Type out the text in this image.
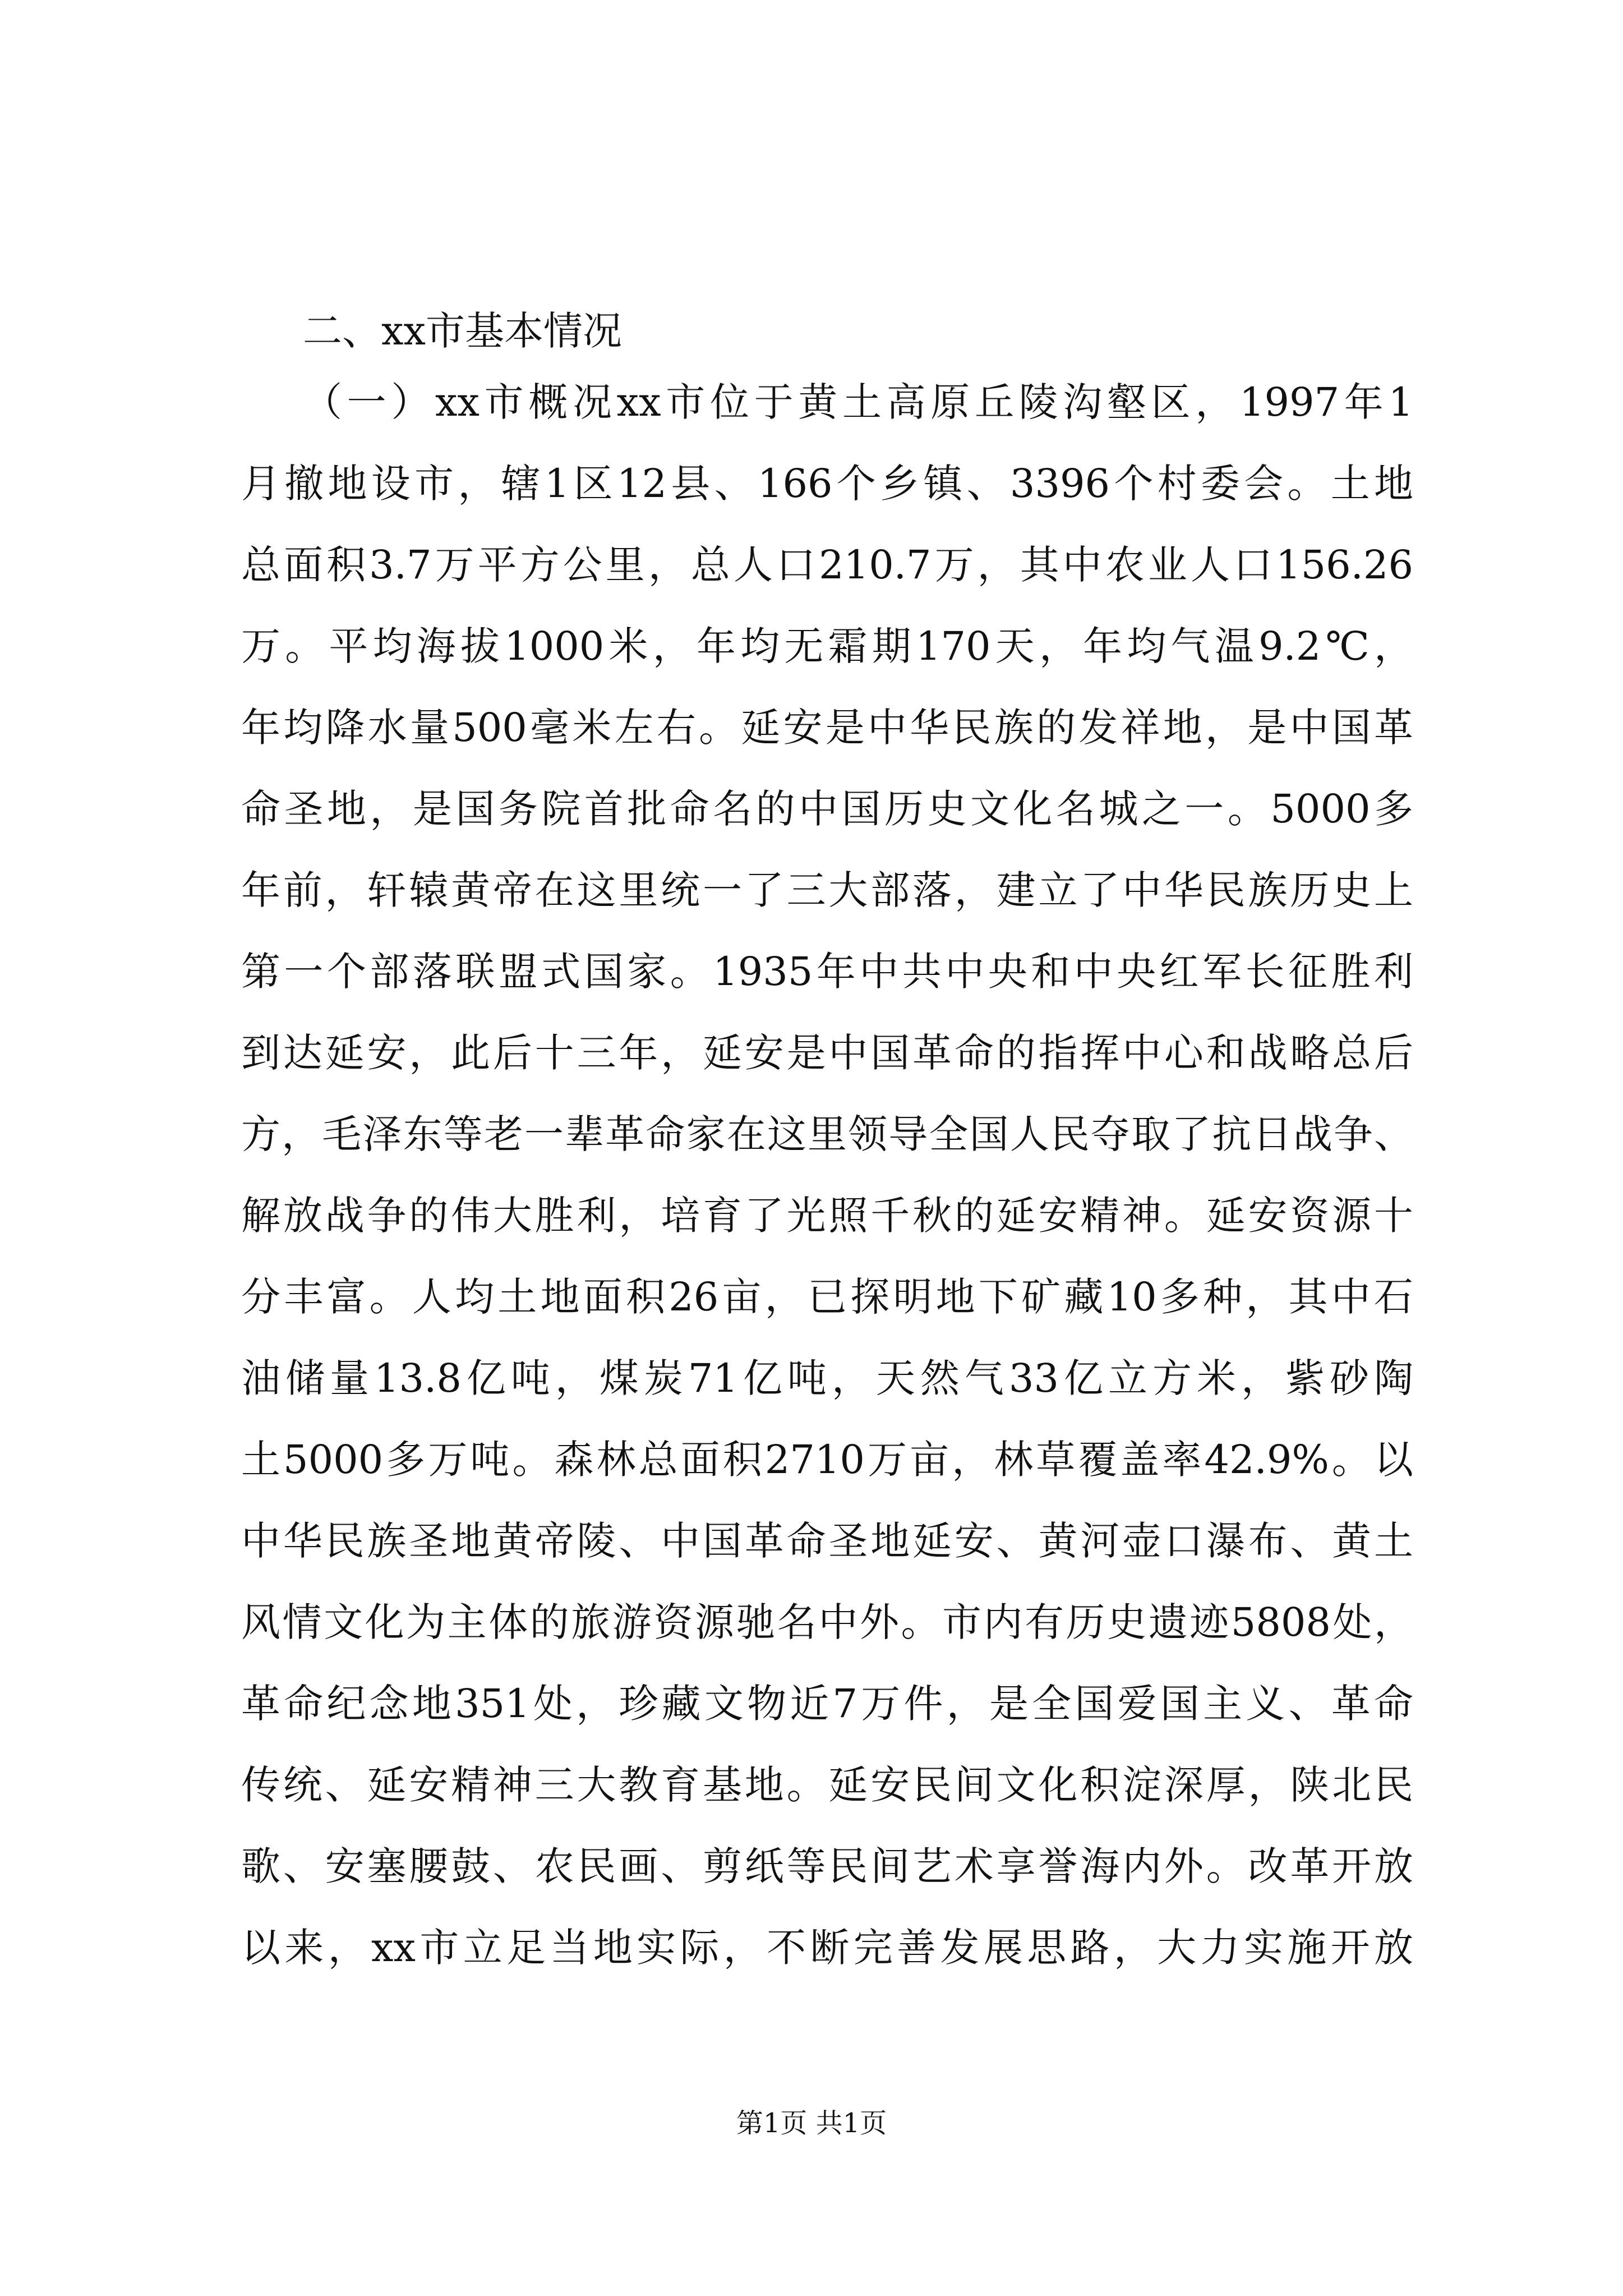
二、xx市基本情况
（一）xx市概况xx市位于黄土高原丘陵沟壑区，1997年1
月撤地设市，辖1区12县、166个乡镇、3396个村委会。土地
总面积3.7万平方公里，总人口210.7万，其中农业人口156.26
万。平均海拔1000米，年均无霜期170天，年均气温9.2℃，
年均降水量500毫米左右。延安是中华民族的发祥地，是中国革
命圣地，是国务院首批命名的中国历史文化名城之一。5000多
年前，轩辕黄帝在这里统一了三大部落，建立了中华民族历史上
第一个部落联盟式国家。1935年中共中央和中央红军长征胜利
到达延安，此后十三年，延安是中国革命的指挥中心和战略总后
方，毛泽东等老一辈革命家在这里领导全国人民夺取了抗日战争、
解放战争的伟大胜利，培育了光照千秋的延安精神。延安资源十
分丰富。人均土地面积26亩，已探明地下矿藏10多种，其中石
油储量13.8亿吨，煤炭71亿吨，天然气33亿立方米，紫砂陶
土5000多万吨。森林总面积2710万亩，林草覆盖率42.9%。以
中华民族圣地黄帝陵、中国革命圣地延安、黄河壶口瀑布、黄土
风情文化为主体的旅游资源驰名中外。市内有历史遗迹5808处，
革命纪念地351处，珍藏文物近7万件，是全国爱国主义、革命
传统、延安精神三大教育基地。延安民间文化积淀深厚，陕北民
歌、安塞腰鼓、农民画、剪纸等民间艺术享誉海内外。改革开放
以来，xx市立足当地实际，不断完善发展思路，大力实施开放
第1页 共1页
